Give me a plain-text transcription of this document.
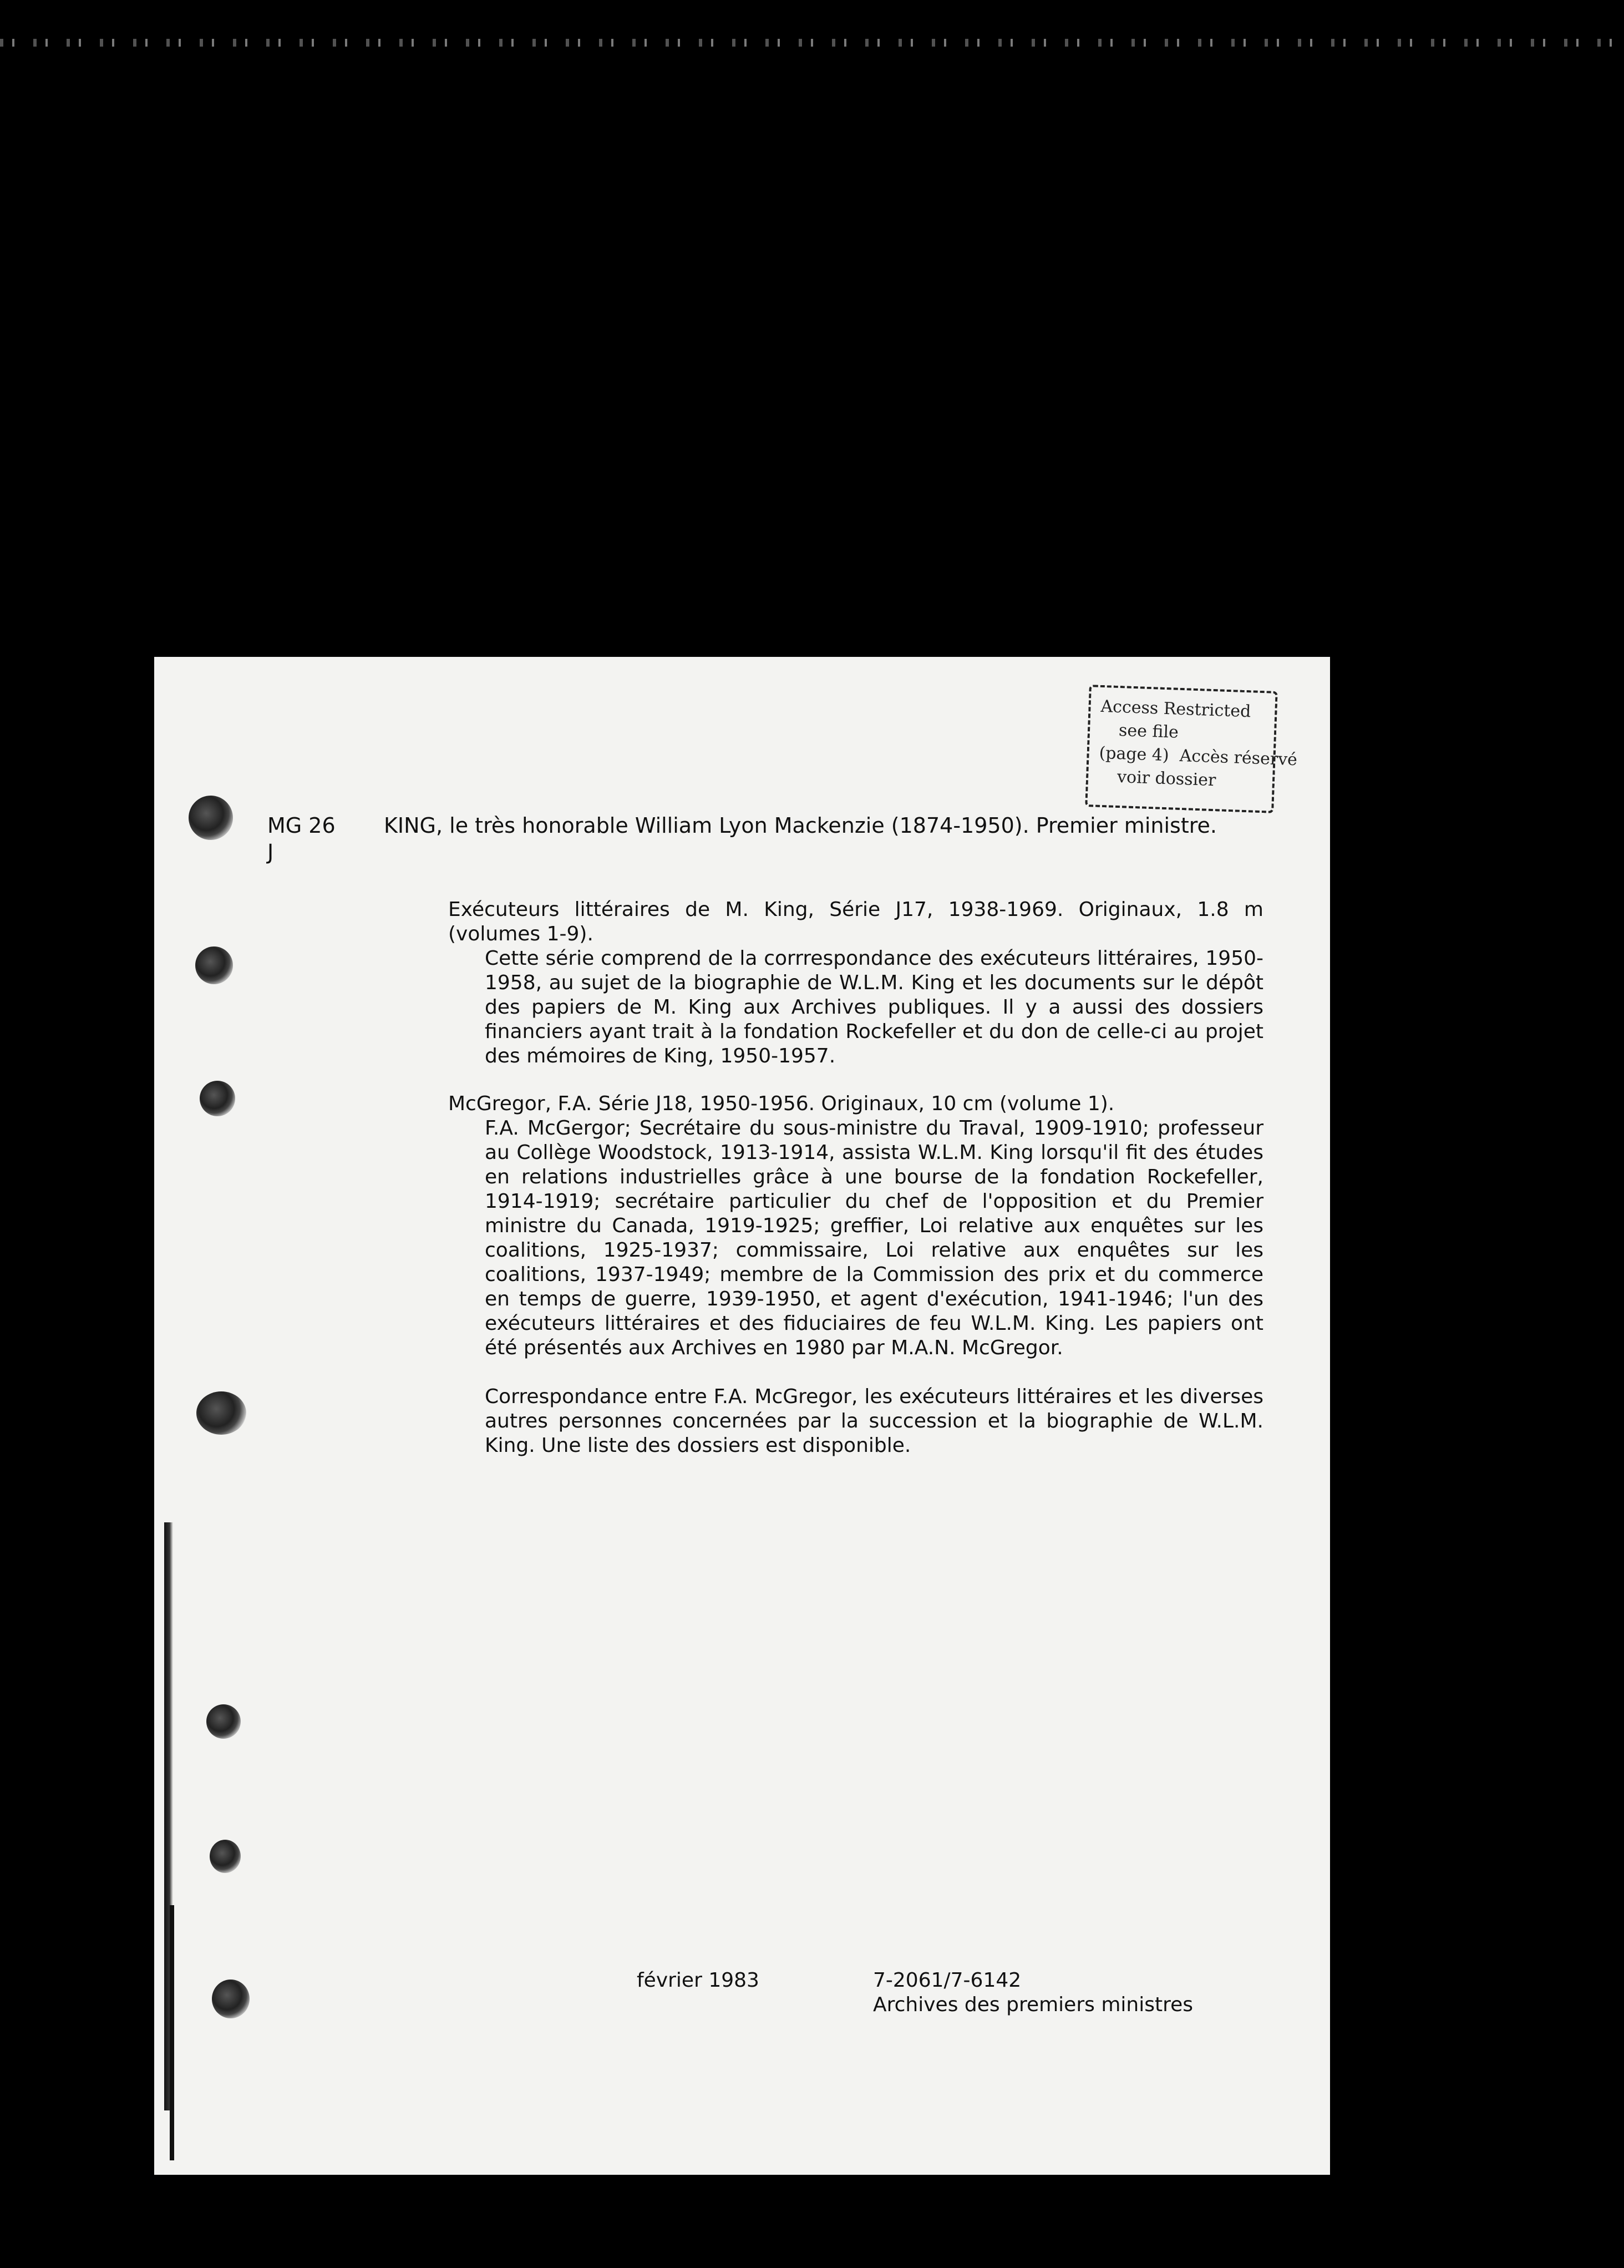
Access Restricted
see file
(page 4) Accès réservé
voir dossier
MG 26
J
KING, le très honorable William Lyon Mackenzie (1874-1950). Premier ministre.

Exécuteurs littéraires de M. King, Série J17, 1938-1969. Originaux, 1.8 m (volumes 1-9).

Cette série comprend de la corrrespondance des exécuteurs littéraires, 1950-1958, au sujet de la biographie de W.L.M. King et les documents sur le dépôt des papiers de M. King aux Archives publiques. Il y a aussi des dossiers financiers ayant trait à la fondation Rockefeller et du don de celle-ci au projet des mémoires de King, 1950-1957.

McGregor, F.A. Série J18, 1950-1956. Originaux, 10 cm (volume 1).

F.A. McGergor; Secrétaire du sous-ministre du Traval, 1909-1910; professeur au Collège Woodstock, 1913-1914, assista W.L.M. King lorsqu'il fit des études en relations industrielles grâce à une bourse de la fondation Rockefeller, 1914-1919; secrétaire particulier du chef de l'opposition et du Premier ministre du Canada, 1919-1925; greffier, Loi relative aux enquêtes sur les coalitions, 1925-1937; commissaire, Loi relative aux enquêtes sur les coalitions, 1937-1949; membre de la Commission des prix et du commerce en temps de guerre, 1939-1950, et agent d'exécution, 1941-1946; l'un des exécuteurs littéraires et des fiduciaires de feu W.L.M. King. Les papiers ont été présentés aux Archives en 1980 par M.A.N. McGregor.

Correspondance entre F.A. McGregor, les exécuteurs littéraires et les diverses autres personnes concernées par la succession et la biographie de W.L.M. King. Une liste des dossiers est disponible.

février 1983	7-2061/7-6142
Archives des premiers ministres
